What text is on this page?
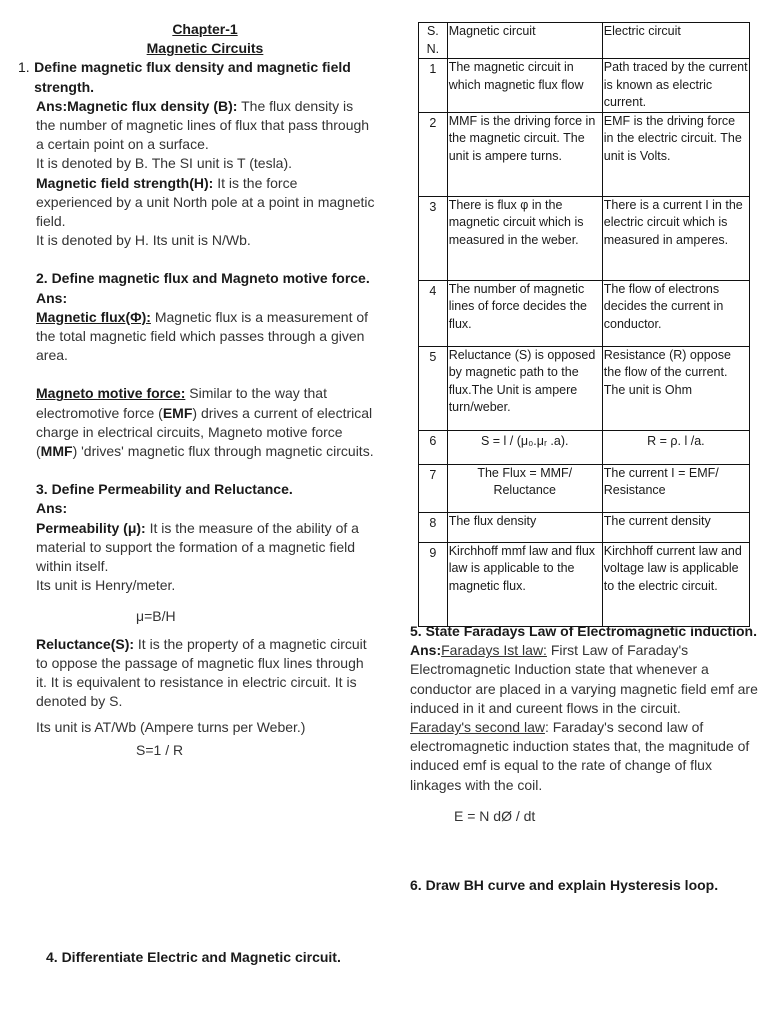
Chapter-1

Magnetic Circuits

1. Define magnetic flux density and magnetic field strength.

Ans:Magnetic flux density (B): The flux density is the number of magnetic lines of flux that pass through a certain point on a surface.

It is denoted by B. The SI unit is T (tesla).

Magnetic field strength(H): It is the force experienced by a unit North pole at a point in magnetic field.

It is denoted by H. Its unit is N/Wb.

2. Define magnetic flux and Magneto motive force.

Ans:

Magnetic flux(Φ): Magnetic flux is a measurement of the total magnetic field which passes through a given area.

Magneto motive force: Similar to the way that electromotive force (EMF) drives a current of electrical charge in electrical circuits, Magneto motive force (MMF) 'drives' magnetic flux through magnetic circuits.

3. Define Permeability and Reluctance.

Ans:

Permeability (μ): It is the measure of the ability of a material to support the formation of a magnetic field within itself.

Its unit is Henry/meter.

μ=B/H

Reluctance(S): It is the property of a magnetic circuit to oppose the passage of magnetic flux lines through it. It is equivalent to resistance in electric circuit. It is denoted by S.

Its unit is AT/Wb (Ampere turns per Weber.)

S=1 / R

4. Differentiate Electric and Magnetic circuit.

S. N.	Magnetic circuit	Electric circuit
1	The magnetic circuit in which magnetic flux flow	Path traced by the current is known as electric current.
2	MMF is the driving force in the magnetic circuit. The unit is ampere turns.	EMF is the driving force in the electric circuit. The unit is Volts.
3	There is flux φ in the magnetic circuit which is measured in the weber.	There is a current I in the electric circuit which is measured in amperes.
4	The number of magnetic lines of force decides the flux.	The flow of electrons decides the current in conductor.
5	Reluctance (S) is opposed by magnetic path to the flux.The Unit is ampere turn/weber.	Resistance (R) oppose the flow of the current. The unit is Ohm
6	S = l / (μ₀.μᵣ .a).	R = ρ. l /a.
7	The Flux = MMF/ Reluctance	The current I = EMF/ Resistance
8	The flux density	The current density
9	Kirchhoff mmf law and flux law is applicable to the magnetic flux.	Kirchhoff current law and voltage law is applicable to the electric circuit.

5. State Faradays Law of Electromagnetic induction.

Ans:Faradays Ist law: First Law of Faraday's Electromagnetic Induction state that whenever a conductor are placed in a varying magnetic field emf are induced in it and cureent flows in the circuit.

Faraday's second law: Faraday's second law of electromagnetic induction states that, the magnitude of induced emf is equal to the rate of change of flux linkages with the coil.

E = N dØ / dt

6. Draw BH curve and explain Hysteresis loop.
